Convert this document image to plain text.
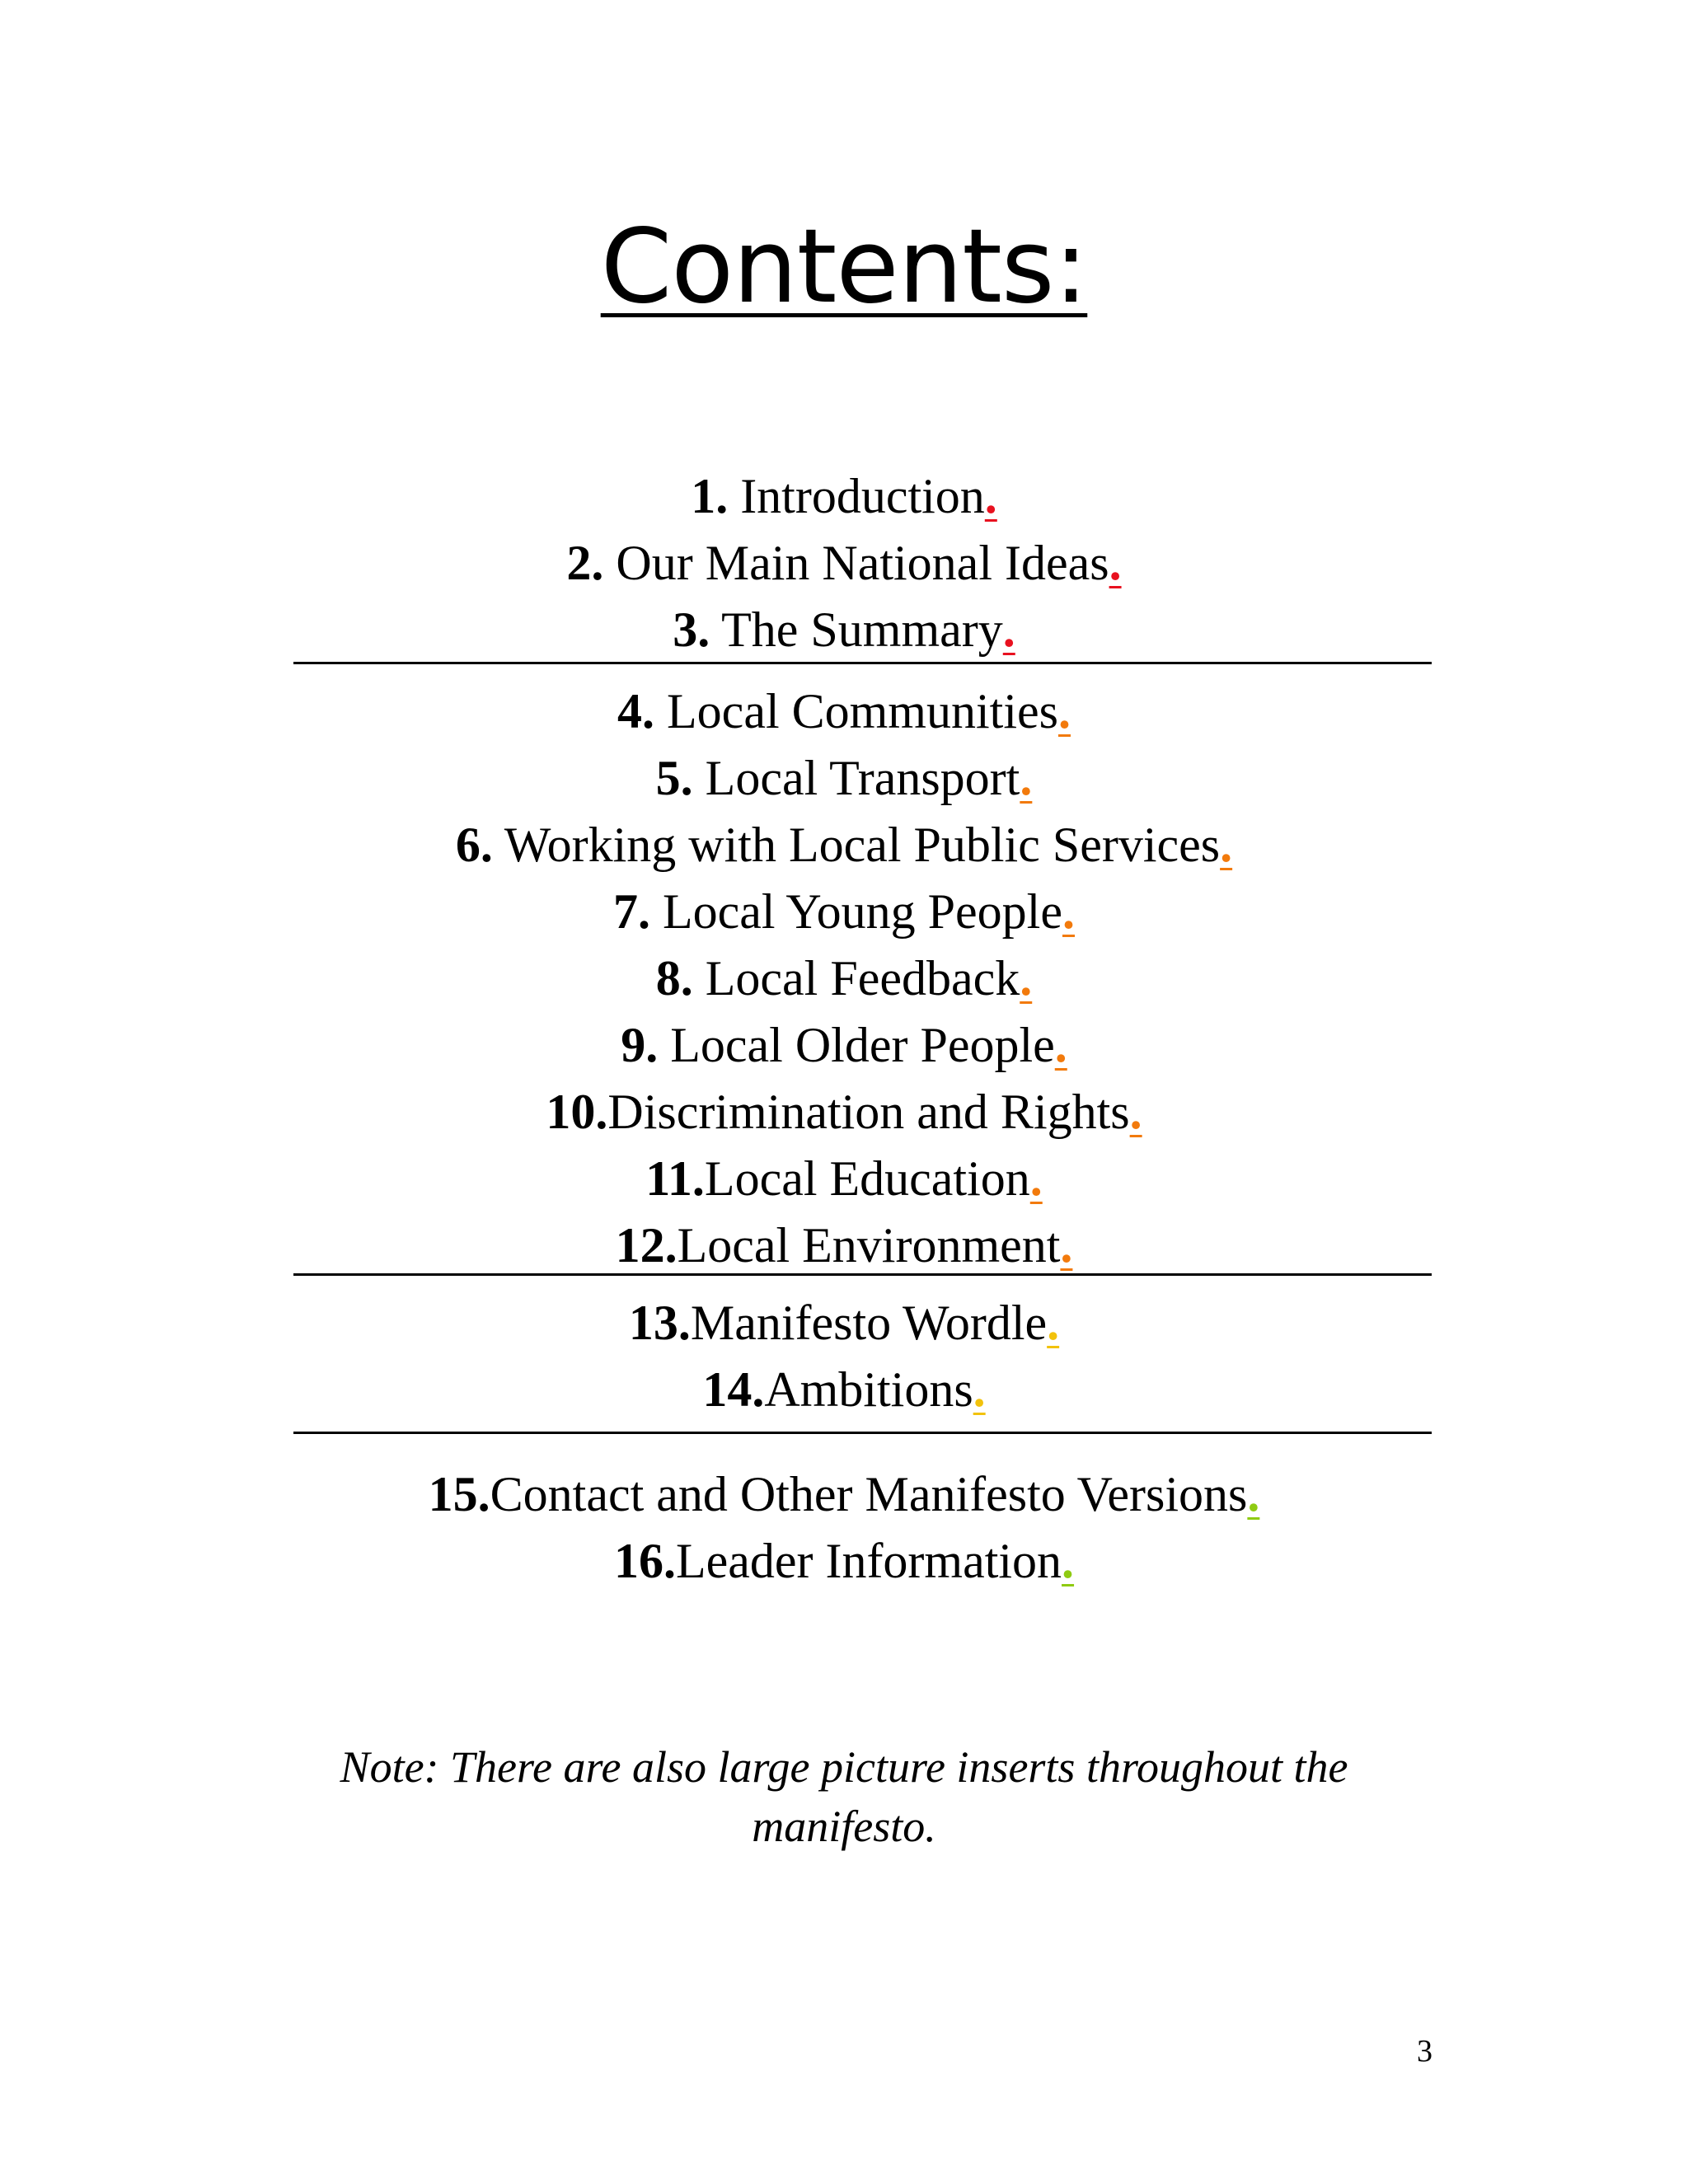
Contents:
1. Introduction.
2. Our Main National Ideas.
3. The Summary.
4. Local Communities.
5. Local Transport.
6. Working with Local Public Services.
7. Local Young People.
8. Local Feedback.
9. Local Older People.
10.Discrimination and Rights.
11.Local Education.
12.Local Environment.
13.Manifesto Wordle.
14.Ambitions.
15.Contact and Other Manifesto Versions.
16.Leader Information.
Note: There are also large picture inserts throughout the
manifesto.
3
